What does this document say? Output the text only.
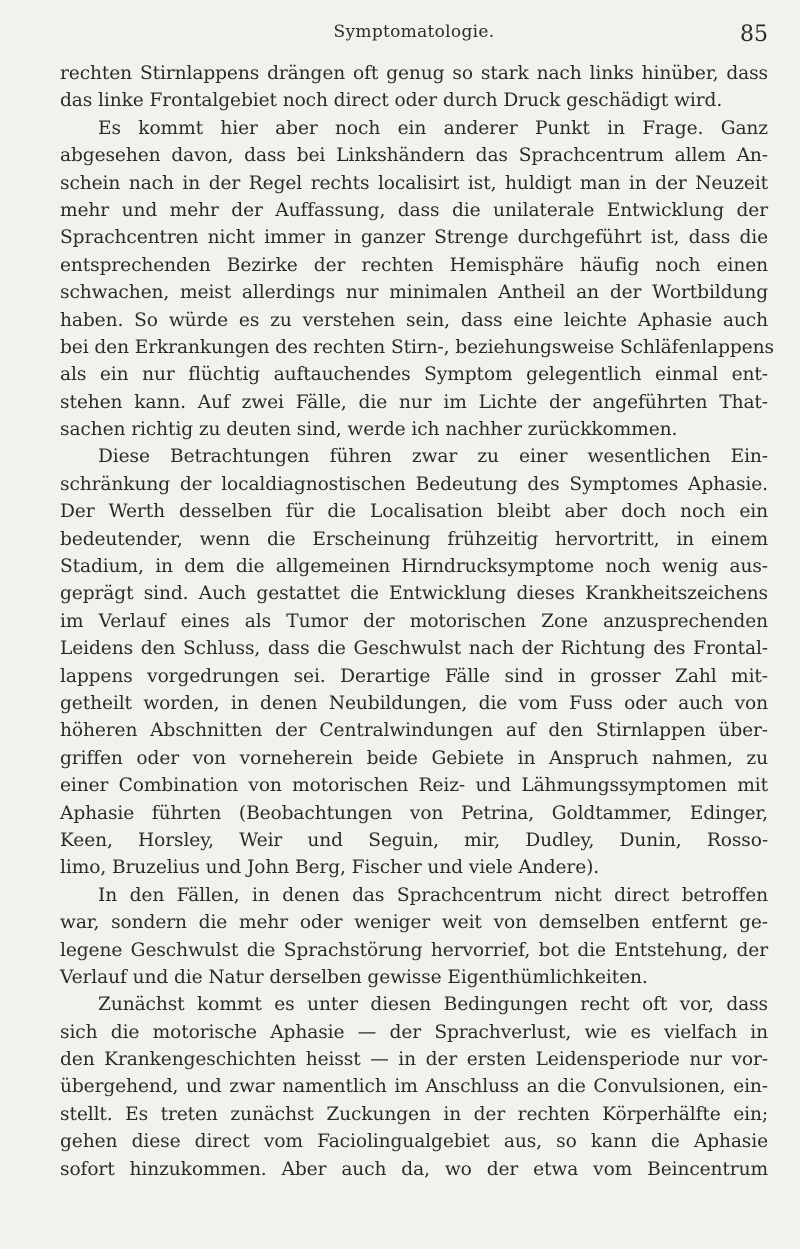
Symptomatologie.	85
rechten Stirnlappens drängen oft genug so stark nach links hinüber, dass
das linke Frontalgebiet noch direct oder durch Druck geschädigt wird.
Es kommt hier aber noch ein anderer Punkt in Frage. Ganz
abgesehen davon, dass bei Linkshändern das Sprachcentrum allem An-
schein nach in der Regel rechts localisirt ist, huldigt man in der Neuzeit
mehr und mehr der Auffassung, dass die unilaterale Entwicklung der
Sprachcentren nicht immer in ganzer Strenge durchgeführt ist, dass die
entsprechenden Bezirke der rechten Hemisphäre häufig noch einen
schwachen, meist allerdings nur minimalen Antheil an der Wortbildung
haben. So würde es zu verstehen sein, dass eine leichte Aphasie auch
bei den Erkrankungen des rechten Stirn-, beziehungsweise Schläfenlappens
als ein nur flüchtig auftauchendes Symptom gelegentlich einmal ent-
stehen kann. Auf zwei Fälle, die nur im Lichte der angeführten That-
sachen richtig zu deuten sind, werde ich nachher zurückkommen.
Diese Betrachtungen führen zwar zu einer wesentlichen Ein-
schränkung der localdiagnostischen Bedeutung des Symptomes Aphasie.
Der Werth desselben für die Localisation bleibt aber doch noch ein
bedeutender, wenn die Erscheinung frühzeitig hervortritt, in einem
Stadium, in dem die allgemeinen Hirndrucksymptome noch wenig aus-
geprägt sind. Auch gestattet die Entwicklung dieses Krankheitszeichens
im Verlauf eines als Tumor der motorischen Zone anzusprechenden
Leidens den Schluss, dass die Geschwulst nach der Richtung des Frontal-
lappens vorgedrungen sei. Derartige Fälle sind in grosser Zahl mit-
getheilt worden, in denen Neubildungen, die vom Fuss oder auch von
höheren Abschnitten der Centralwindungen auf den Stirnlappen über-
griffen oder von vorneherein beide Gebiete in Anspruch nahmen, zu
einer Combination von motorischen Reiz- und Lähmungssymptomen mit
Aphasie führten (Beobachtungen von Petrina, Goldtammer, Edinger,
Keen, Horsley, Weir und Seguin, mir, Dudley, Dunin, Rosso-
limo, Bruzelius und John Berg, Fischer und viele Andere).
In den Fällen, in denen das Sprachcentrum nicht direct betroffen
war, sondern die mehr oder weniger weit von demselben entfernt ge-
legene Geschwulst die Sprachstörung hervorrief, bot die Entstehung, der
Verlauf und die Natur derselben gewisse Eigenthümlichkeiten.
Zunächst kommt es unter diesen Bedingungen recht oft vor, dass
sich die motorische Aphasie — der Sprachverlust, wie es vielfach in
den Krankengeschichten heisst — in der ersten Leidensperiode nur vor-
übergehend, und zwar namentlich im Anschluss an die Convulsionen, ein-
stellt. Es treten zunächst Zuckungen in der rechten Körperhälfte ein;
gehen diese direct vom Faciolingualgebiet aus, so kann die Aphasie
sofort hinzukommen. Aber auch da, wo der etwa vom Beincentrum
